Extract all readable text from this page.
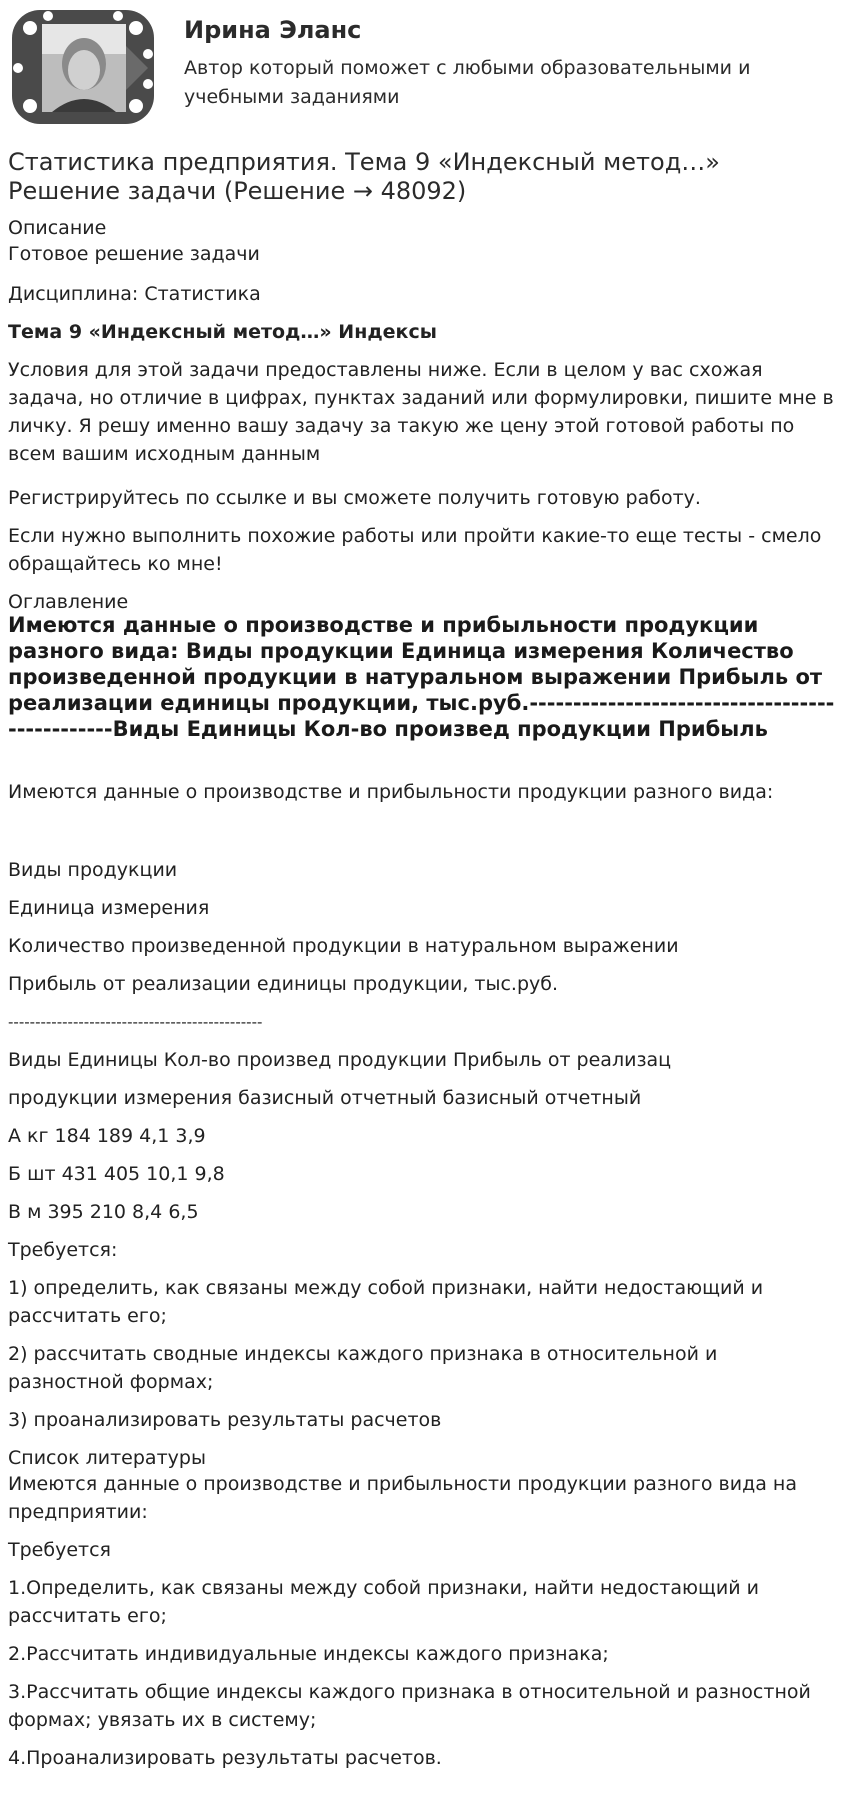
Ирина Эланс
Автор который поможет с любыми образовательными и учебными заданиями
Статистика предприятия. Тема 9 «Индексный метод…» Решение задачи (Решение → 48092)
Описание
Готовое решение задачи
Дисциплина: Статистика
Тема 9 «Индексный метод…» Индексы
Условия для этой задачи предоставлены ниже. Если в целом у вас схожая задача, но отличие в цифрах, пунктах заданий или формулировки, пишите мне в личку. Я решу именно вашу задачу за такую же цену этой готовой работы по всем вашим исходным данным
Регистрируйтесь по ссылке и вы сможете получить готовую работу.
Если нужно выполнить похожие работы или пройти какие-то еще тесты - смело обращайтесь ко мне!
Оглавление
Имеются данные о производстве и прибыльности продукции разного вида: Виды продукции Единица измерения Количество произведенной продукции в натуральном выражении Прибыль от реализации единицы продукции, тыс.руб.-----------------------------------------------Виды Единицы Кол-во произвед продукции Прибыль
Имеются данные о производстве и прибыльности продукции разного вида:
Виды продукции
Единица измерения
Количество произведенной продукции в натуральном выражении
Прибыль от реализации единицы продукции, тыс.руб.
-----------------------------------------------
Виды Единицы Кол-во произвед продукции Прибыль от реализац
продукции измерения базисный отчетный базисный отчетный
А кг 184 189 4,1 3,9
Б шт 431 405 10,1 9,8
В м 395 210 8,4 6,5
Требуется:
1) определить, как связаны между собой признаки, найти недостающий и рассчитать его;
2) рассчитать сводные индексы каждого признака в относительной и разностной формах;
3) проанализировать результаты расчетов
Список литературы
Имеются данные о производстве и прибыльности продукции разного вида на предприятии:
Требуется
1.Определить, как связаны между собой признаки, найти недостающий и рассчитать его;
2.Рассчитать индивидуальные индексы каждого признака;
3.Рассчитать общие индексы каждого признака в относительной и разностной формах; увязать их в систему;
4.Проанализировать результаты расчетов.
